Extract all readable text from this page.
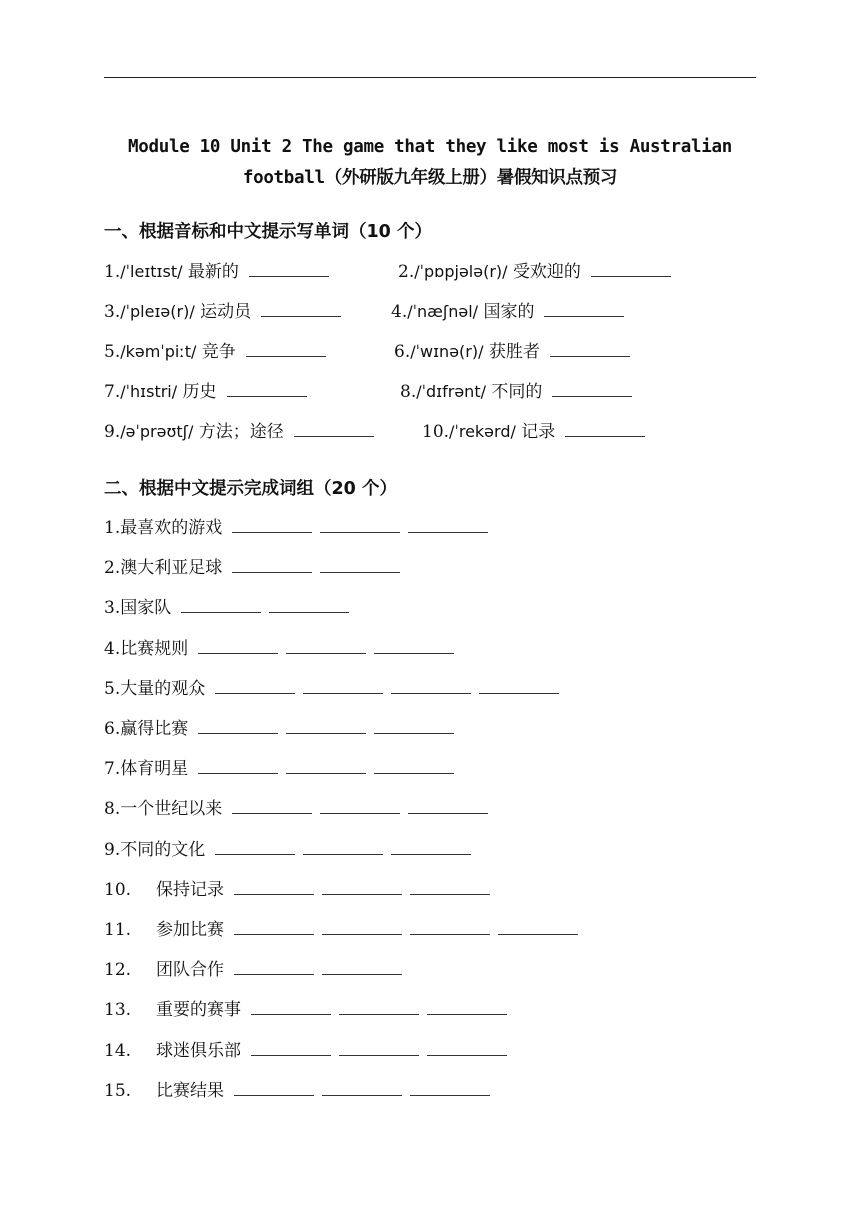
Module 10 Unit 2 The game that they like most is Australian
football（外研版九年级上册）暑假知识点预习
一、根据音标和中文提示写单词（10 个）
1./ˈleɪtɪst/ 最新的	2./ˈpɒpjələ(r)/ 受欢迎的
3./ˈpleɪə(r)/ 运动员	4./ˈnæʃnəl/ 国家的
5./kəmˈpiːt/ 竞争	6./ˈwɪnə(r)/ 获胜者
7./ˈhɪstri/ 历史	8./ˈdɪfrənt/ 不同的
9./əˈprəʊtʃ/ 方法；途径	10./ˈrekərd/ 记录
二、根据中文提示完成词组（20 个）
1.最喜欢的游戏
2.澳大利亚足球
3.国家队
4.比赛规则
5.大量的观众
6.赢得比赛
7.体育明星
8.一个世纪以来
9.不同的文化
10. 保持记录
11. 参加比赛
12. 团队合作
13. 重要的赛事
14. 球迷俱乐部
15. 比赛结果
